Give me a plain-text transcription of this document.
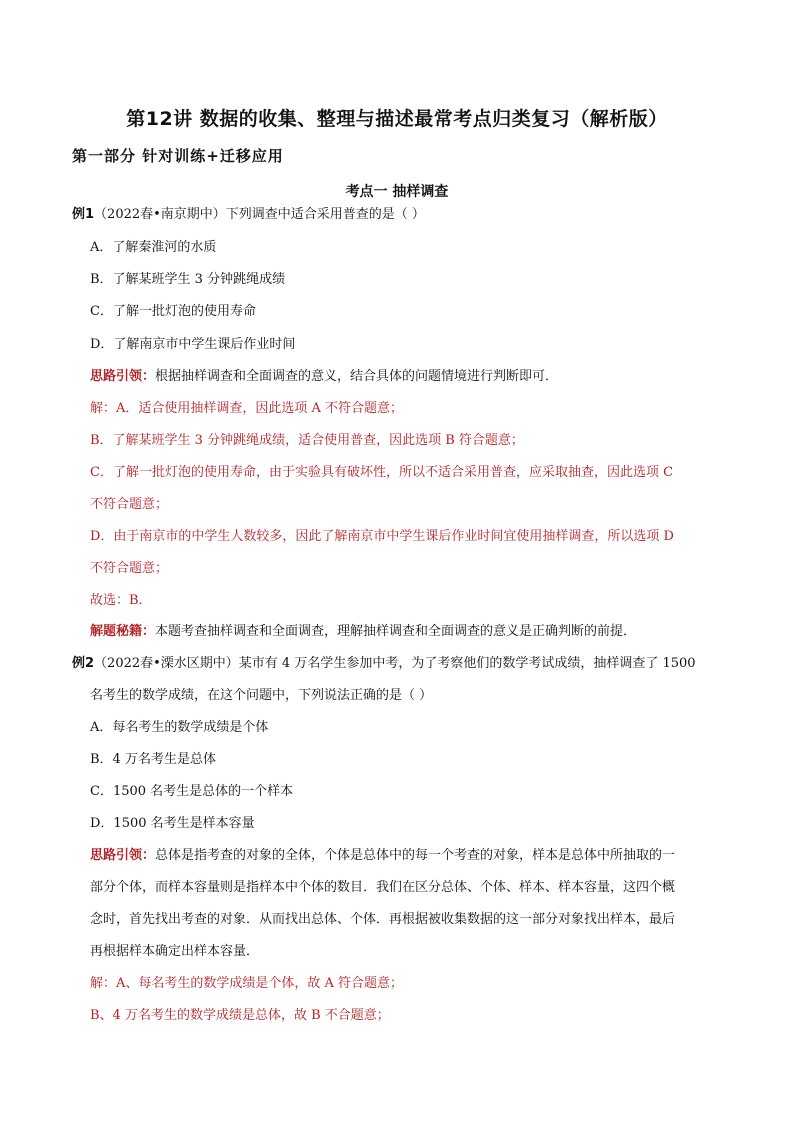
第12讲 数据的收集、整理与描述最常考点归类复习（解析版）
第一部分 针对训练+迁移应用
考点一 抽样调查
例1（2022春•南京期中）下列调查中适合采用普查的是（ ）
A．了解秦淮河的水质
B．了解某班学生 3 分钟跳绳成绩
C．了解一批灯泡的使用寿命
D．了解南京市中学生课后作业时间
思路引领：根据抽样调查和全面调查的意义，结合具体的问题情境进行判断即可．
解：A．适合使用抽样调查，因此选项 A 不符合题意；
B．了解某班学生 3 分钟跳绳成绩，适合使用普查，因此选项 B 符合题意；
C．了解一批灯泡的使用寿命，由于实验具有破坏性，所以不适合采用普查，应采取抽查，因此选项 C
不符合题意；
D．由于南京市的中学生人数较多，因此了解南京市中学生课后作业时间宜使用抽样调查，所以选项 D
不符合题意；
故选：B．
解题秘籍：本题考查抽样调查和全面调查，理解抽样调查和全面调查的意义是正确判断的前提．
例2（2022春•溧水区期中）某市有 4 万名学生参加中考，为了考察他们的数学考试成绩，抽样调查了 1500
名考生的数学成绩，在这个问题中，下列说法正确的是（ ）
A．每名考生的数学成绩是个体
B．4 万名考生是总体
C．1500 名考生是总体的一个样本
D．1500 名考生是样本容量
思路引领：总体是指考查的对象的全体，个体是总体中的每一个考查的对象，样本是总体中所抽取的一
部分个体，而样本容量则是指样本中个体的数目．我们在区分总体、个体、样本、样本容量，这四个概
念时，首先找出考查的对象．从而找出总体、个体．再根据被收集数据的这一部分对象找出样本，最后
再根据样本确定出样本容量．
解：A、每名考生的数学成绩是个体，故 A 符合题意；
B、4 万名考生的数学成绩是总体，故 B 不合题意；
